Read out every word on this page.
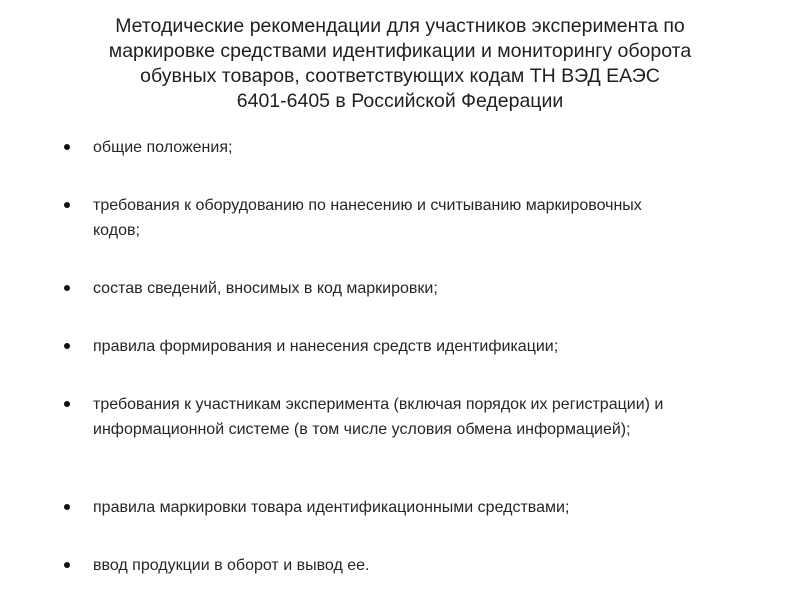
Методические рекомендации для участников эксперимента по
маркировке средствами идентификации и мониторингу оборота
обувных товаров, соответствующих кодам ТН ВЭД ЕАЭС
6401-6405 в Российской Федерации
общие положения;
требования к оборудованию по нанесению и считыванию маркировочных кодов;
состав сведений, вносимых в код маркировки;
правила формирования и нанесения средств идентификации;
требования к участникам эксперимента (включая порядок их регистрации) и информационной системе (в том числе условия обмена информацией);
правила маркировки товара идентификационными средствами;
ввод продукции в оборот и вывод ее.
